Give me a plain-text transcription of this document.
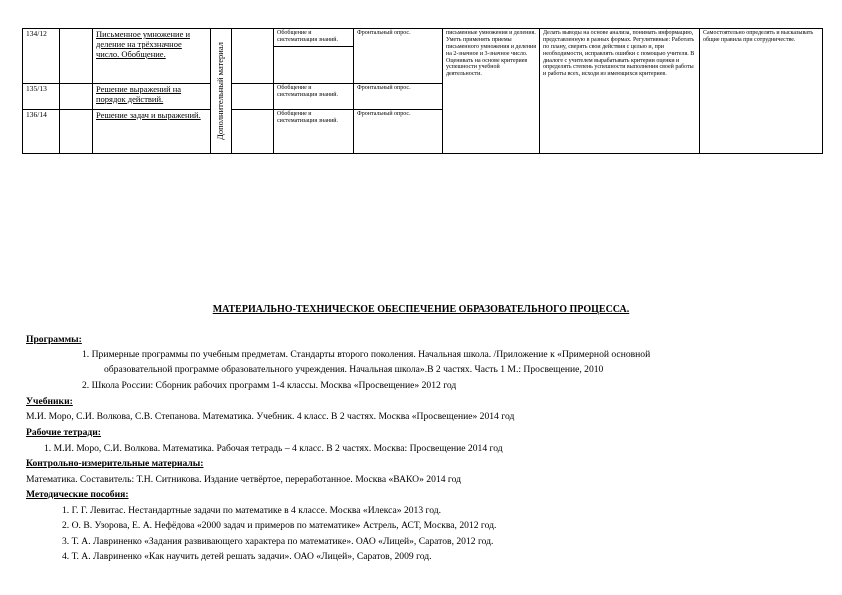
134/12		Письменное умножение и деление на трёхзначное число. Обобщение.	Дополнительный материал		Обобщение и систематизация знаний.	Фронтальный опрос.	письменные умножения и деления. Уметь применять приемы письменного умножения и деления на 2-значное и 3-значное число. Оценивать на основе критериев успешности учебной деятельности.	Делать выводы на основе анализа, понимать информацию, представленную в разных формах. Регулятивные: Работать по плану, сверять свои действия с целью и, при необходимости, исправлять ошибки с помощью учителя. В диалоге с учителем вырабатывать критерии оценки и определять степень успешности выполнения своей работы и работы всех, исходя из имеющихся критериев.	Самостоятельно определять и высказывать общие правила при сотрудничестве.
135/13		Решение выражений на порядок действий.			Обобщение и систематизация знаний.	Фронтальный опрос.			
136/14		Решение задач и выражений.			Обобщение и систематизация знаний.	Фронтальный опрос.			
МАТЕРИАЛЬНО-ТЕХНИЧЕСКОЕ ОБЕСПЕЧЕНИЕ ОБРАЗОВАТЕЛЬНОГО ПРОЦЕССА.
Программы:
1. Примерные программы по учебным предметам. Стандарты второго поколения. Начальная школа. /Приложение к «Примерной основной
образовательной программе образовательного учреждения. Начальная школа».В 2 частях. Часть 1 М.: Просвещение, 2010
2. Школа России: Сборник рабочих программ 1-4 классы. Москва «Просвещение» 2012 год
Учебники:
М.И. Моро, С.И. Волкова, С.В. Степанова. Математика. Учебник. 4 класс. В 2 частях. Москва «Просвещение» 2014 год
Рабочие тетради:
1. М.И. Моро, С.И. Волкова. Математика. Рабочая тетрадь – 4 класс. В 2 частях. Москва: Просвещение 2014 год
Контрольно-измерительные материалы:
Математика. Составитель: Т.Н. Ситникова. Издание четвёртое, переработанное. Москва «ВАКО» 2014 год
Методические пособия:
1. Г. Г. Левитас. Нестандартные задачи по математике в 4 классе. Москва «Илекса» 2013 год.
2. О. В. Узорова, Е. А. Нефёдова «2000 задач и примеров по математике» Астрель, АСТ, Москва, 2012 год.
3. Т. А. Лавриненко «Задания развивающего характера по математике». ОАО «Лицей», Саратов, 2012 год.
4. Т. А. Лавриненко «Как научить детей решать задачи». ОАО «Лицей», Саратов, 2009 год.
